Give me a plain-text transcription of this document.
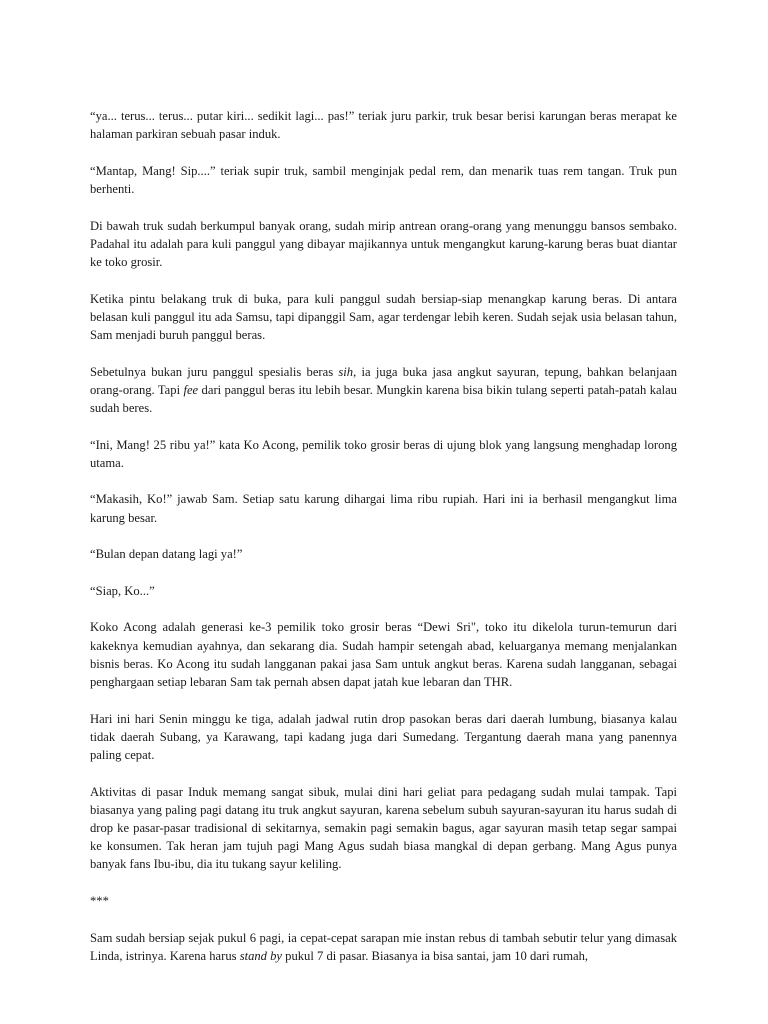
“ya... terus... terus... putar kiri... sedikit lagi... pas!” teriak juru parkir, truk besar berisi karungan beras merapat ke halaman parkiran sebuah pasar induk.

“Mantap, Mang! Sip....” teriak supir truk, sambil menginjak pedal rem, dan menarik tuas rem tangan. Truk pun berhenti.

Di bawah truk sudah berkumpul banyak orang, sudah mirip antrean orang-orang yang menunggu bansos sembako. Padahal itu adalah para kuli panggul yang dibayar majikannya untuk mengangkut karung-karung beras buat diantar ke toko grosir.

Ketika pintu belakang truk di buka, para kuli panggul sudah bersiap-siap menangkap karung beras. Di antara belasan kuli panggul itu ada Samsu, tapi dipanggil Sam, agar terdengar lebih keren. Sudah sejak usia belasan tahun, Sam menjadi buruh panggul beras.

Sebetulnya bukan juru panggul spesialis beras sih, ia juga buka jasa angkut sayuran, tepung, bahkan belanjaan orang-orang. Tapi fee dari panggul beras itu lebih besar. Mungkin karena bisa bikin tulang seperti patah-patah kalau sudah beres.

“Ini, Mang! 25 ribu ya!” kata Ko Acong, pemilik toko grosir beras di ujung blok yang langsung menghadap lorong utama.

“Makasih, Ko!” jawab Sam. Setiap satu karung dihargai lima ribu rupiah. Hari ini ia berhasil mengangkut lima karung besar.

“Bulan depan datang lagi ya!”

“Siap, Ko...”

Koko Acong adalah generasi ke-3 pemilik toko grosir beras “Dewi Sri", toko itu dikelola turun-temurun dari kakeknya kemudian ayahnya, dan sekarang dia. Sudah hampir setengah abad, keluarganya memang menjalankan bisnis beras. Ko Acong itu sudah langganan pakai jasa Sam untuk angkut beras. Karena sudah langganan, sebagai penghargaan setiap lebaran Sam tak pernah absen dapat jatah kue lebaran dan THR.

Hari ini hari Senin minggu ke tiga, adalah jadwal rutin drop pasokan beras dari daerah lumbung, biasanya kalau tidak daerah Subang, ya Karawang, tapi kadang juga dari Sumedang. Tergantung daerah mana yang panennya paling cepat.

Aktivitas di pasar Induk memang sangat sibuk, mulai dini hari geliat para pedagang sudah mulai tampak. Tapi biasanya yang paling pagi datang itu truk angkut sayuran, karena sebelum subuh sayuran-sayuran itu harus sudah di drop ke pasar-pasar tradisional di sekitarnya, semakin pagi semakin bagus, agar sayuran masih tetap segar sampai ke konsumen. Tak heran jam tujuh pagi Mang Agus sudah biasa mangkal di depan gerbang. Mang Agus punya banyak fans Ibu-ibu, dia itu tukang sayur keliling.

***

Sam sudah bersiap sejak pukul 6 pagi, ia cepat-cepat sarapan mie instan rebus di tambah sebutir telur yang dimasak Linda, istrinya. Karena harus stand by pukul 7 di pasar. Biasanya ia bisa santai, jam 10 dari rumah,
